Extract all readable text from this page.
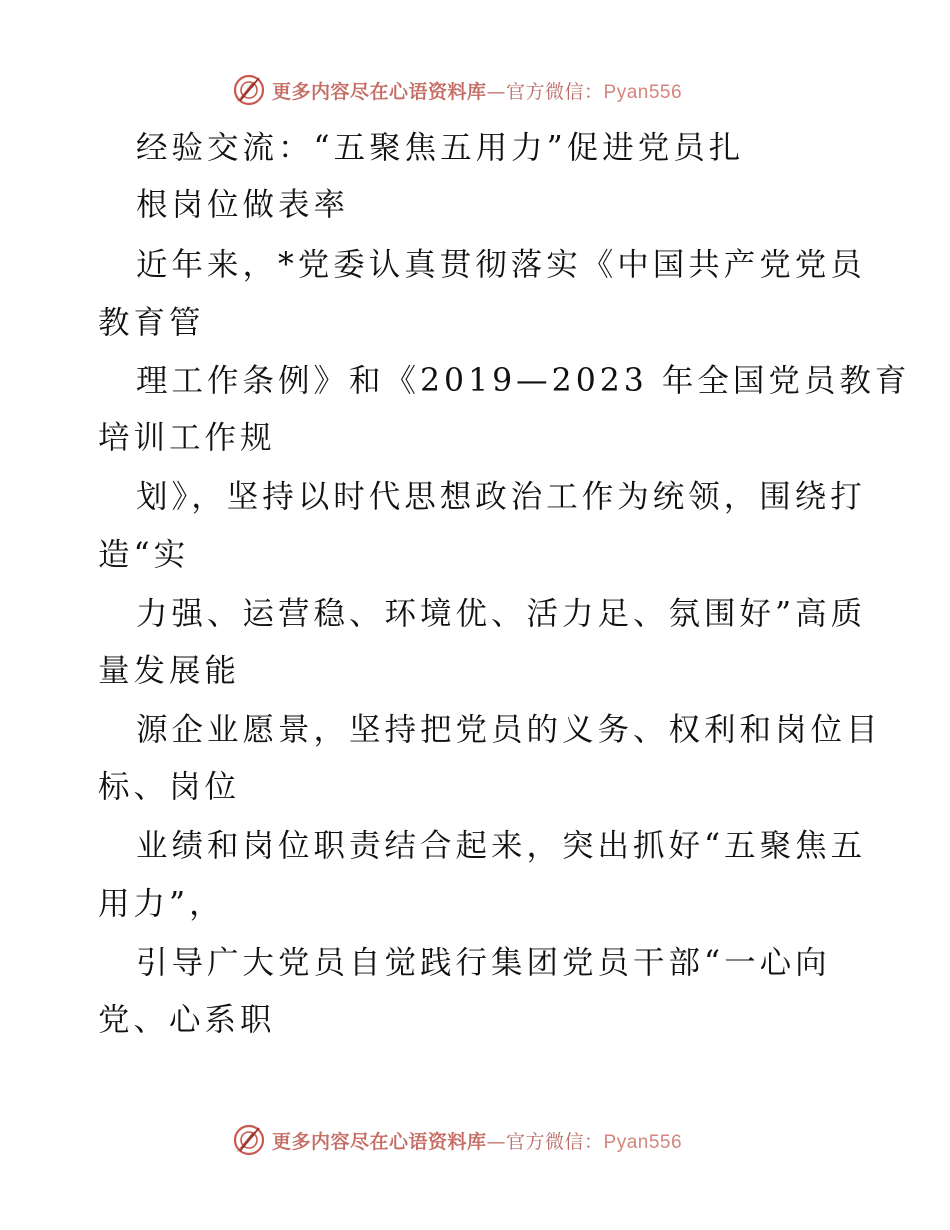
更多内容尽在心语资料库—官方微信：Pyan556
经验交流：“五聚焦五用力”促进党员扎
根岗位做表率
近年来，*党委认真贯彻落实《中国共产党党员
教育管
理工作条例》和《2019—2023 年全国党员教育
培训工作规
划》，坚持以时代思想政治工作为统领，围绕打
造“实
力强、运营稳、环境优、活力足、氛围好”高质
量发展能
源企业愿景，坚持把党员的义务、权利和岗位目
标、岗位
业绩和岗位职责结合起来，突出抓好“五聚焦五
用力”，
引导广大党员自觉践行集团党员干部“一心向
党、心系职
更多内容尽在心语资料库—官方微信：Pyan556
